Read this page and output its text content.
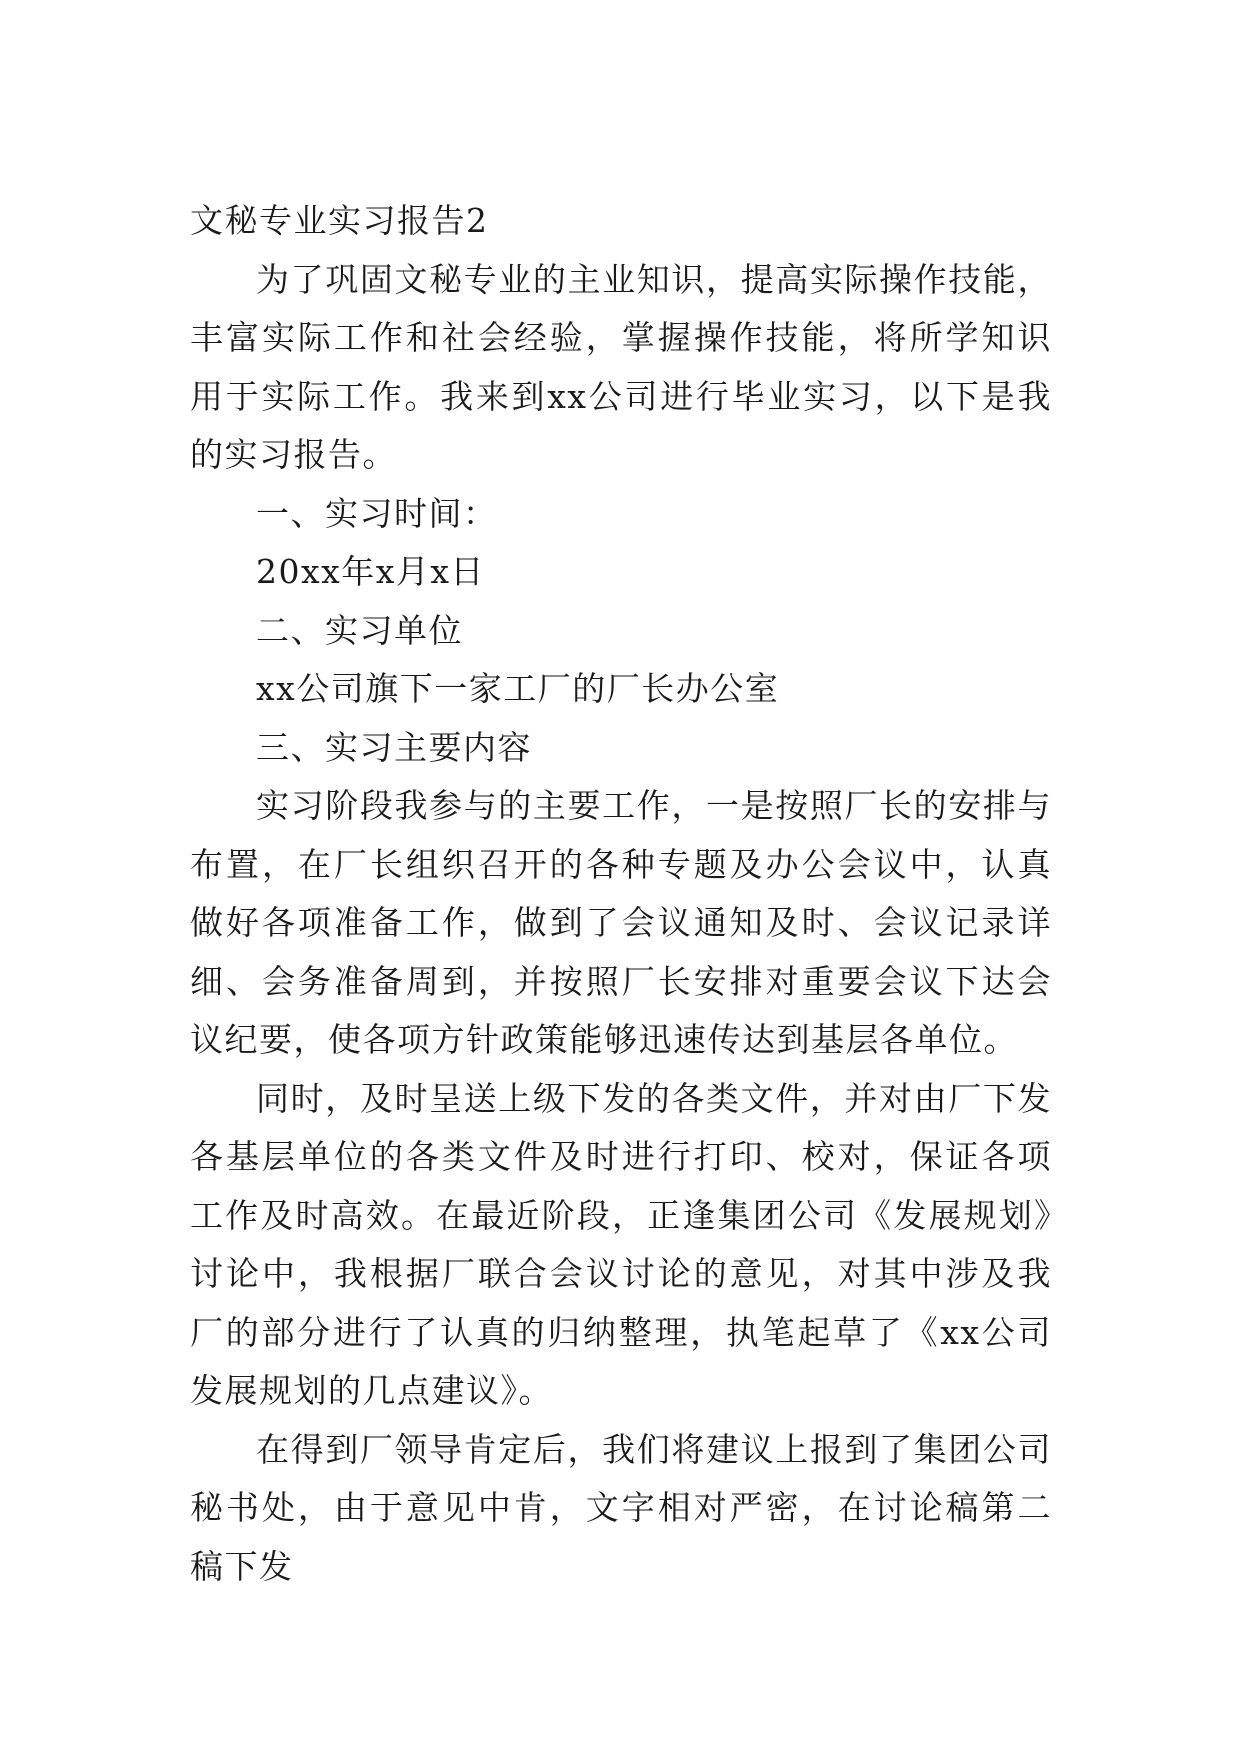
文秘专业实习报告2

为了巩固文秘专业的主业知识，提高实际操作技能，丰富实际工作和社会经验，掌握操作技能，将所学知识用于实际工作。我来到xx公司进行毕业实习，以下是我的实习报告。

一、实习时间：

20xx年x月x日

二、实习单位

xx公司旗下一家工厂的厂长办公室

三、实习主要内容

实习阶段我参与的主要工作，一是按照厂长的安排与布置，在厂长组织召开的各种专题及办公会议中，认真做好各项准备工作，做到了会议通知及时、会议记录详细、会务准备周到，并按照厂长安排对重要会议下达会议纪要，使各项方针政策能够迅速传达到基层各单位。

同时，及时呈送上级下发的各类文件，并对由厂下发各基层单位的各类文件及时进行打印、校对，保证各项工作及时高效。在最近阶段，正逢集团公司《发展规划》讨论中，我根据厂联合会议讨论的意见，对其中涉及我厂的部分进行了认真的归纳整理，执笔起草了《xx公司发展规划的几点建议》。

在得到厂领导肯定后，我们将建议上报到了集团公司秘书处，由于意见中肯，文字相对严密，在讨论稿第二稿下发
